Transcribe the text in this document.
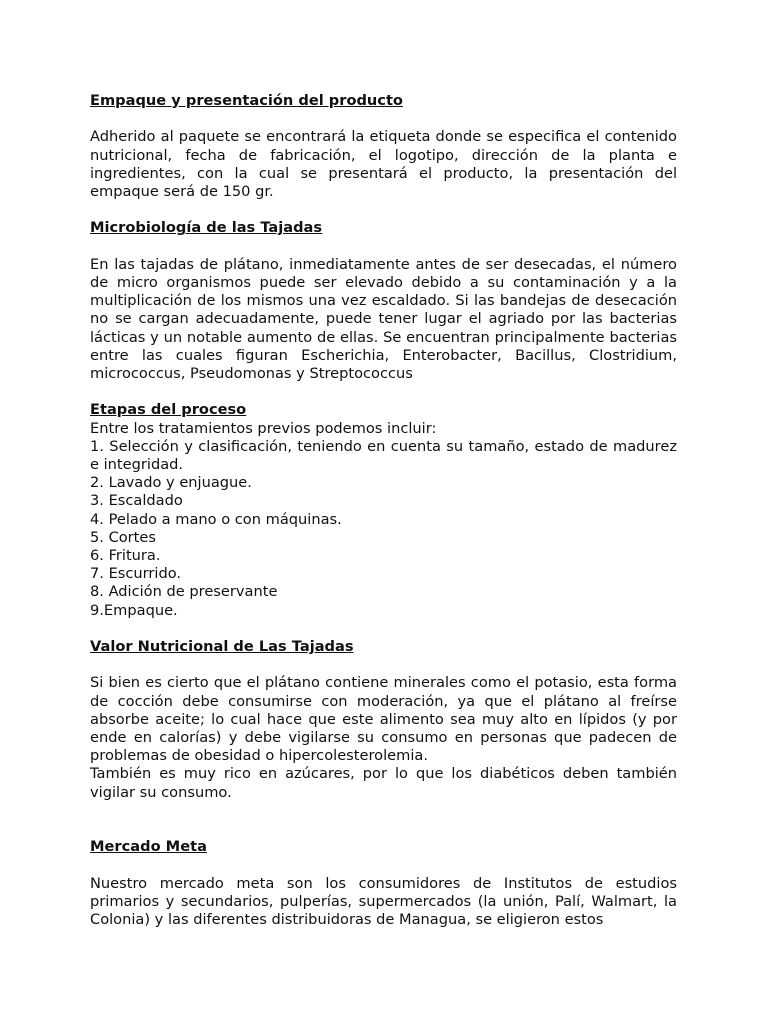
Empaque y presentación del producto

Adherido al paquete se encontrará la etiqueta donde se especifica el contenido nutricional, fecha de fabricación, el logotipo, dirección de la planta e ingredientes, con la cual se presentará el producto, la presentación del empaque será de 150 gr.

Microbiología de las Tajadas

En las tajadas de plátano, inmediatamente antes de ser desecadas, el número de micro organismos puede ser elevado debido a su contaminación y a la multiplicación de los mismos una vez escaldado. Si las bandejas de desecación no se cargan adecuadamente, puede tener lugar el agriado por las bacterias lácticas y un notable aumento de ellas. Se encuentran principalmente bacterias entre las cuales figuran Escherichia, Enterobacter, Bacillus, Clostridium, micrococcus, Pseudomonas y Streptococcus

Etapas del proceso

Entre los tratamientos previos podemos incluir:

1. Selección y clasificación, teniendo en cuenta su tamaño, estado de madurez e integridad.

2. Lavado y enjuague.

3. Escaldado

4. Pelado a mano o con máquinas.

5. Cortes

6. Fritura.

7. Escurrido.

8. Adición de preservante

9.Empaque.

Valor Nutricional de Las Tajadas

Si bien es cierto que el plátano contiene minerales como el potasio, esta forma de cocción debe consumirse con moderación, ya que el plátano al freírse absorbe aceite; lo cual hace que este alimento sea muy alto en lípidos (y por ende en calorías) y debe vigilarse su consumo en personas que padecen de problemas de obesidad o hipercolesterolemia.

También es muy rico en azúcares, por lo que los diabéticos deben también vigilar su consumo.

Mercado Meta

Nuestro mercado meta son los consumidores de Institutos de estudios primarios y secundarios, pulperías, supermercados (la unión, Palí, Walmart, la Colonia) y las diferentes distribuidoras de Managua, se eligieron estos
